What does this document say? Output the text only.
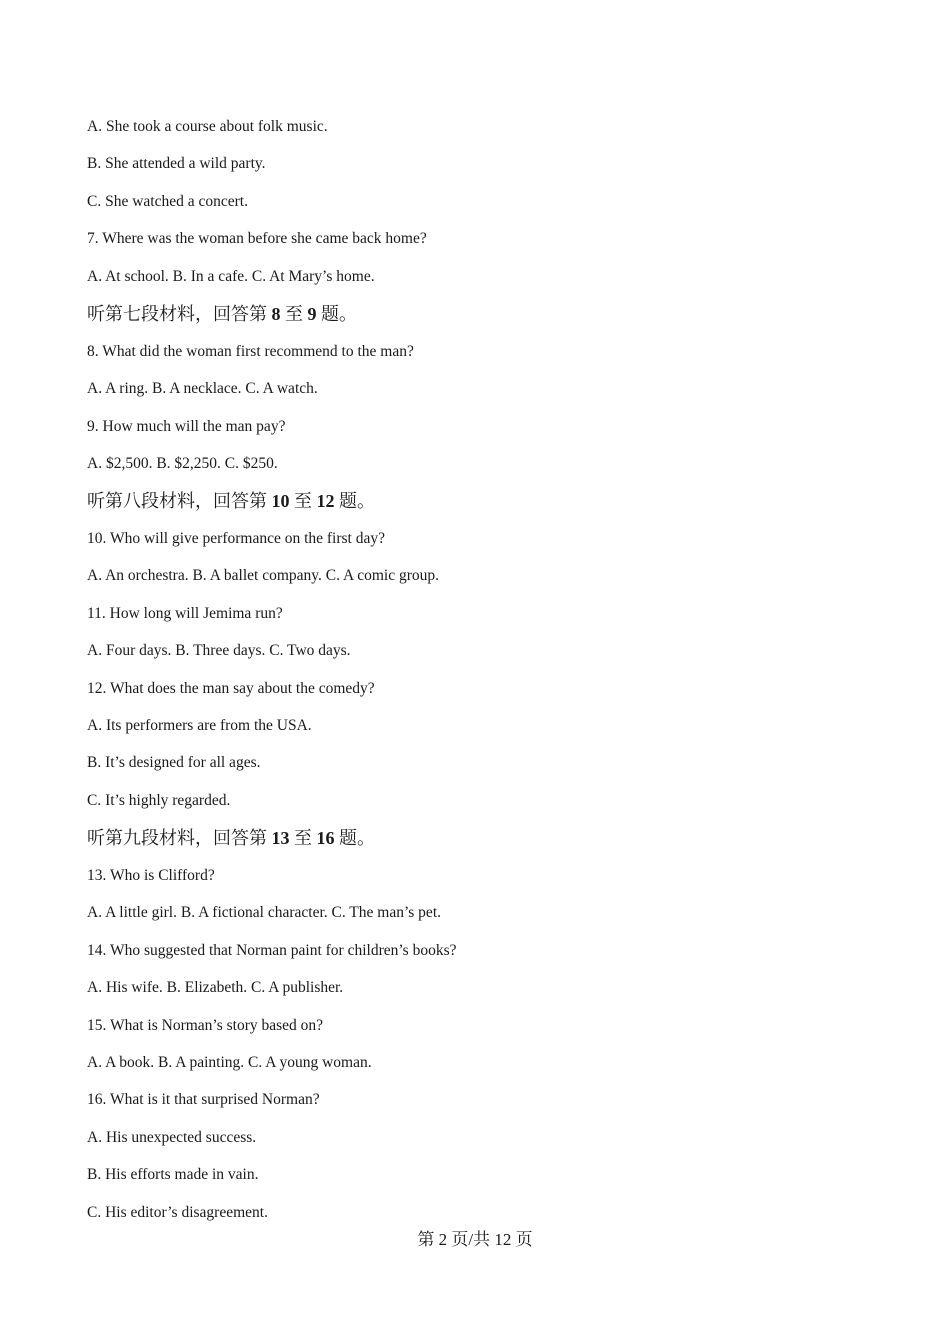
A. She took a course about folk music.
B. She attended a wild party.
C. She watched a concert.
7. Where was the woman before she came back home?
A. At school. B. In a cafe. C. At Mary’s home.
听第七段材料，回答第 8 至 9 题。
8. What did the woman first recommend to the man?
A. A ring. B. A necklace. C. A watch.
9. How much will the man pay?
A. $2,500. B. $2,250. C. $250.
听第八段材料，回答第 10 至 12 题。
10. Who will give performance on the first day?
A. An orchestra. B. A ballet company. C. A comic group.
11. How long will Jemima run?
A. Four days. B. Three days. C. Two days.
12. What does the man say about the comedy?
A. Its performers are from the USA.
B. It’s designed for all ages.
C. It’s highly regarded.
听第九段材料，回答第 13 至 16 题。
13. Who is Clifford?
A. A little girl. B. A fictional character. C. The man’s pet.
14. Who suggested that Norman paint for children’s books?
A. His wife. B. Elizabeth. C. A publisher.
15. What is Norman’s story based on?
A. A book. B. A painting. C. A young woman.
16. What is it that surprised Norman?
A. His unexpected success.
B. His efforts made in vain.
C. His editor’s disagreement.
第 2 页/共 12 页
